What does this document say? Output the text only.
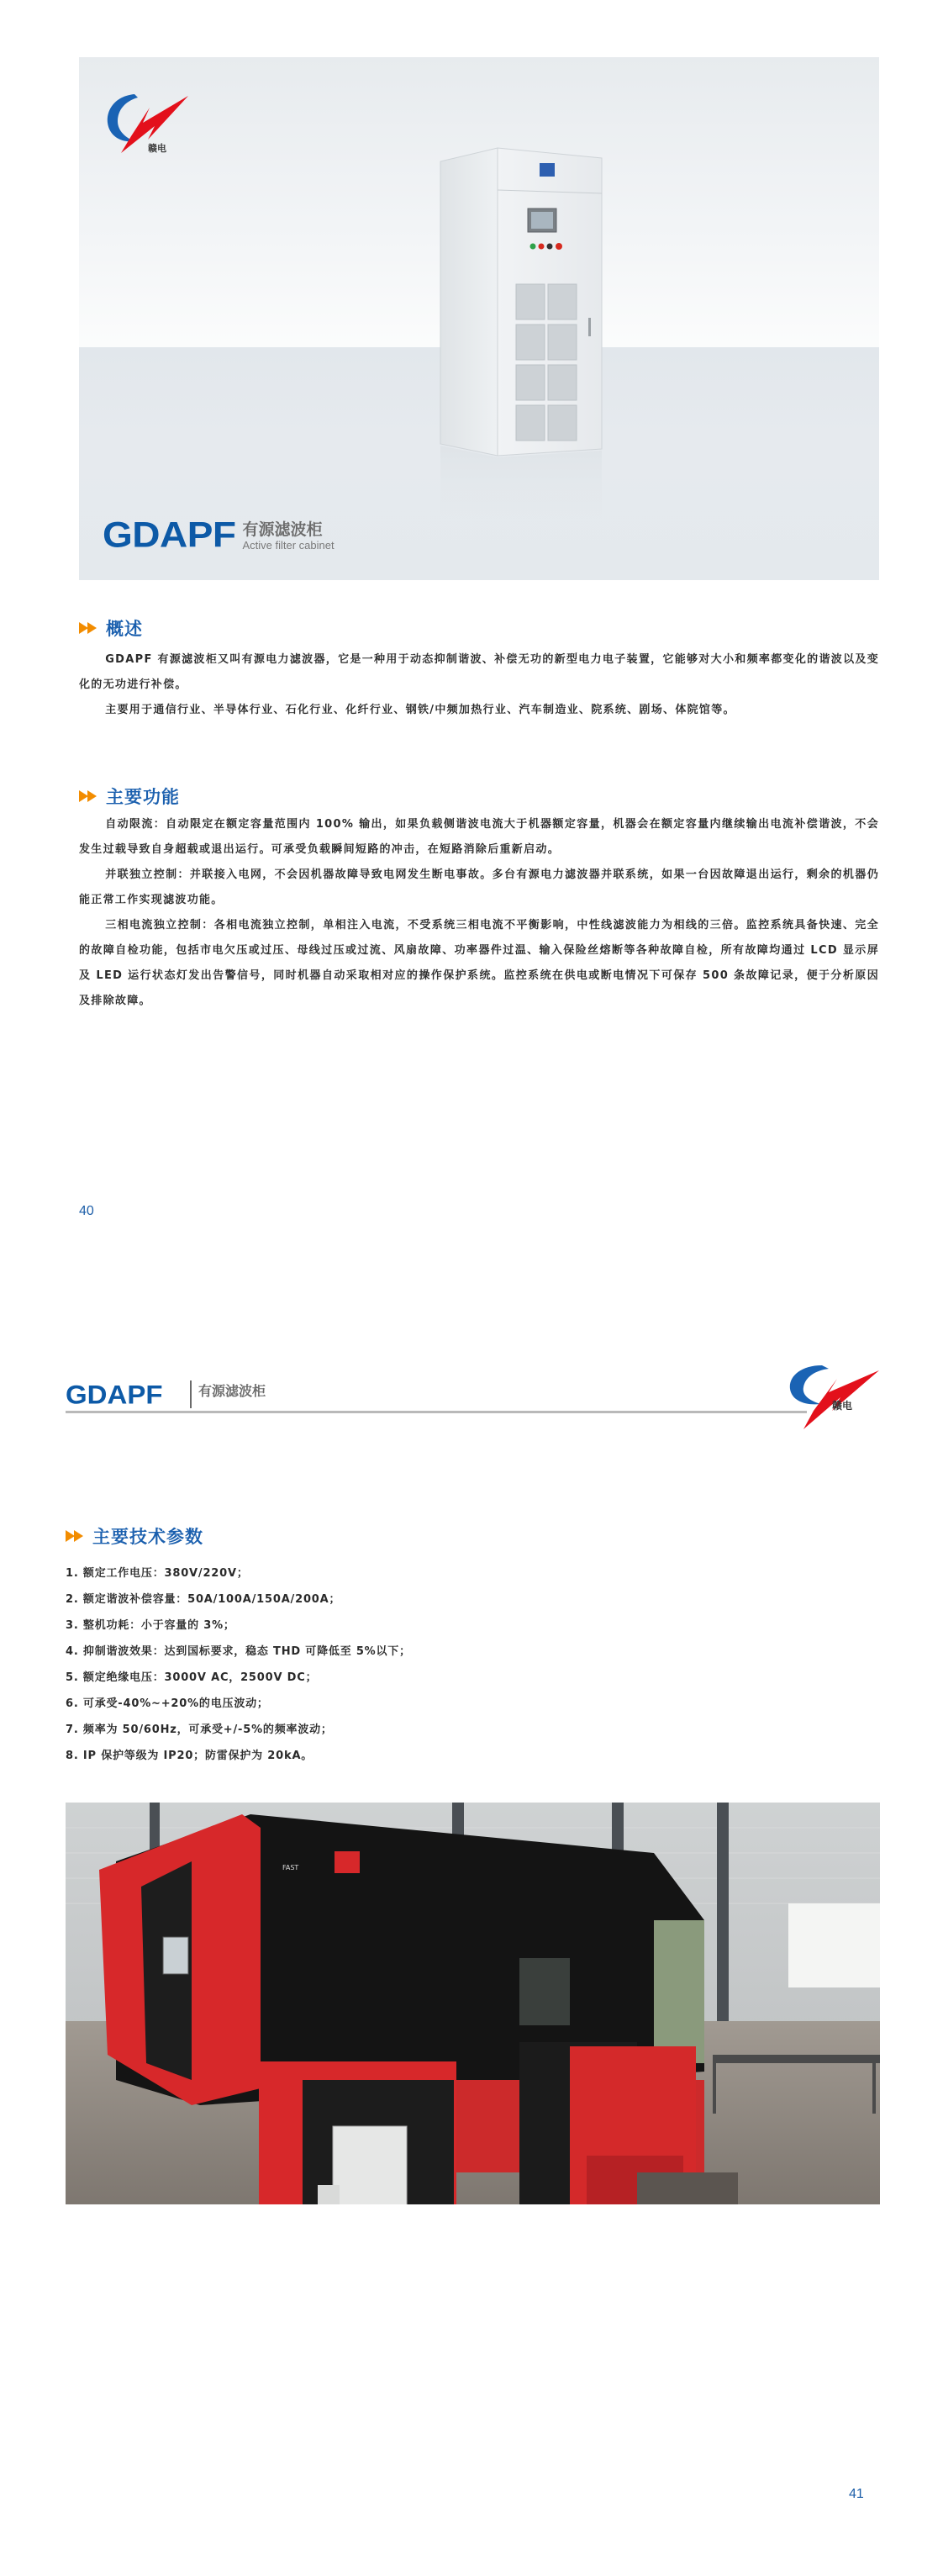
赣电
GDAPF 有源滤波柜
Active filter cabinet
概述

GDAPF 有源滤波柜又叫有源电力滤波器，它是一种用于动态抑制谐波、补偿无功的新型电力电子装置，它能够对大小和频率都变化的谐波以及变化的无功进行补偿。

主要用于通信行业、半导体行业、石化行业、化纤行业、钢铁/中频加热行业、汽车制造业、院系统、剧场、体院馆等。

主要功能

自动限流：自动限定在额定容量范围内 100% 输出，如果负载侧谐波电流大于机器额定容量，机器会在额定容量内继续输出电流补偿谐波，不会发生过载导致自身超载或退出运行。可承受负载瞬间短路的冲击，在短路消除后重新启动。

并联独立控制：并联接入电网，不会因机器故障导致电网发生断电事故。多台有源电力滤波器并联系统，如果一台因故障退出运行，剩余的机器仍能正常工作实现滤波功能。

三相电流独立控制：各相电流独立控制，单相注入电流，不受系统三相电流不平衡影响，中性线滤波能力为相线的三倍。监控系统具备快速、完全的故障自检功能，包括市电欠压或过压、母线过压或过流、风扇故障、功率器件过温、输入保险丝熔断等各种故障自检，所有故障均通过 LCD 显示屏及 LED 运行状态灯发出告警信号，同时机器自动采取相对应的操作保护系统。监控系统在供电或断电情况下可保存 500 条故障记录，便于分析原因及排除故障。

40
GDAPF	有源滤波柜
赣电
主要技术参数
1. 额定工作电压：380V/220V；
2. 额定谐波补偿容量：50A/100A/150A/200A；
3. 整机功耗：小于容量的 3%；
4. 抑制谐波效果：达到国标要求，稳态 THD 可降低至 5%以下；
5. 额定绝缘电压：3000V AC，2500V DC；
6. 可承受-40%~+20%的电压波动；
7. 频率为 50/60Hz，可承受+/-5%的频率波动；
8. IP 保护等级为 IP20；防雷保护为 20kA。
FAST
41
